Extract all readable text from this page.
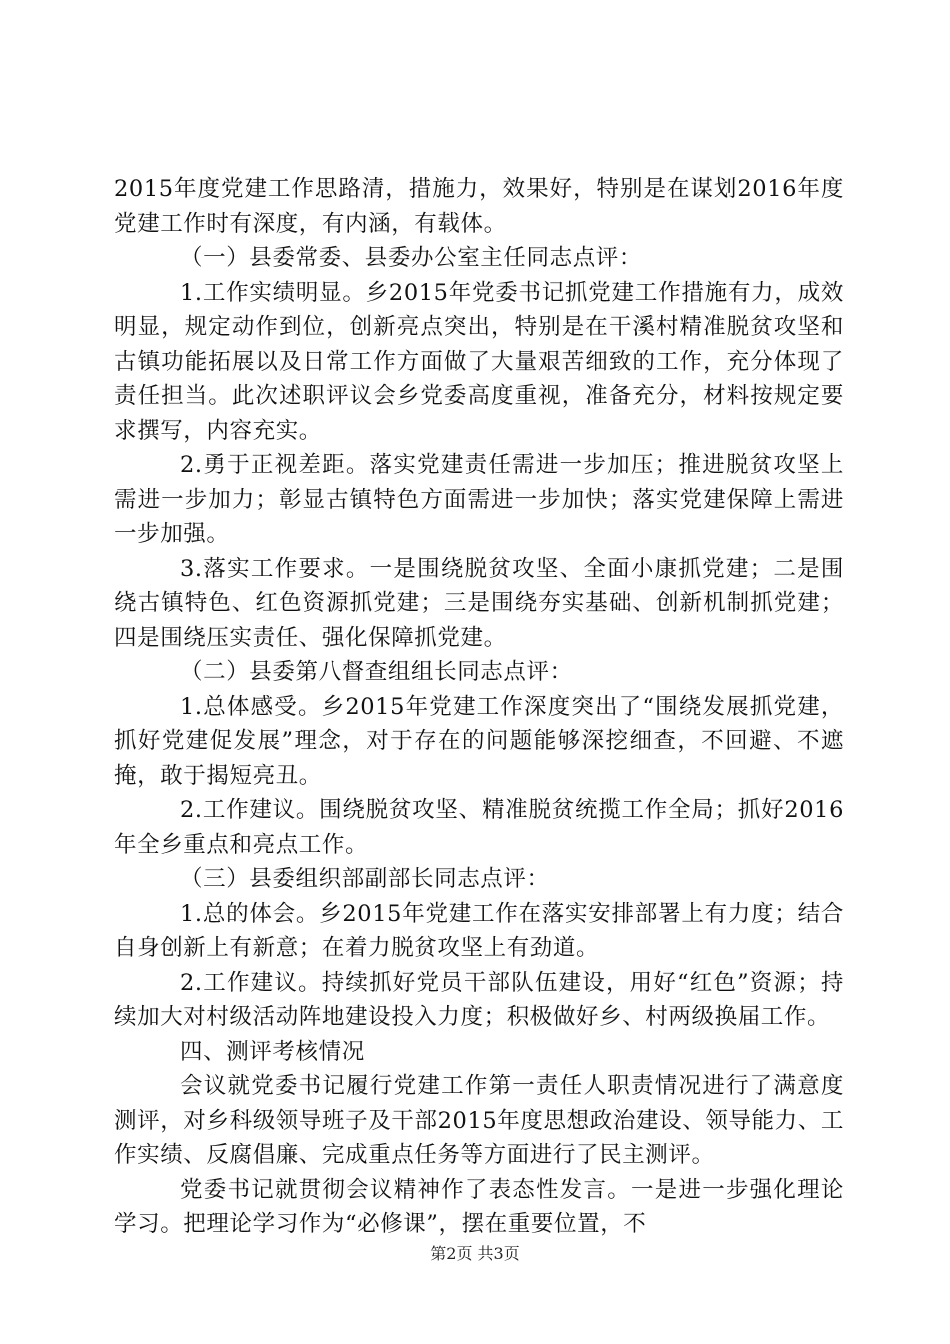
2015年度党建工作思路清，措施力，效果好，特别是在谋划2016年度党建工作时有深度，有内涵，有载体。

（一）县委常委、县委办公室主任同志点评：

1.工作实绩明显。乡2015年党委书记抓党建工作措施有力，成效明显，规定动作到位，创新亮点突出，特别是在干溪村精准脱贫攻坚和古镇功能拓展以及日常工作方面做了大量艰苦细致的工作，充分体现了责任担当。此次述职评议会乡党委高度重视，准备充分，材料按规定要求撰写，内容充实。

2.勇于正视差距。落实党建责任需进一步加压；推进脱贫攻坚上需进一步加力；彰显古镇特色方面需进一步加快；落实党建保障上需进一步加强。

3.落实工作要求。一是围绕脱贫攻坚、全面小康抓党建；二是围绕古镇特色、红色资源抓党建；三是围绕夯实基础、创新机制抓党建；四是围绕压实责任、强化保障抓党建。

（二）县委第八督查组组长同志点评：

1.总体感受。乡2015年党建工作深度突出了“围绕发展抓党建，抓好党建促发展”理念，对于存在的问题能够深挖细查，不回避、不遮掩，敢于揭短亮丑。

2.工作建议。围绕脱贫攻坚、精准脱贫统揽工作全局；抓好2016年全乡重点和亮点工作。

（三）县委组织部副部长同志点评：

1.总的体会。乡2015年党建工作在落实安排部署上有力度；结合自身创新上有新意；在着力脱贫攻坚上有劲道。

2.工作建议。持续抓好党员干部队伍建设，用好“红色”资源；持续加大对村级活动阵地建设投入力度；积极做好乡、村两级换届工作。

四、测评考核情况

会议就党委书记履行党建工作第一责任人职责情况进行了满意度测评，对乡科级领导班子及干部2015年度思想政治建设、领导能力、工作实绩、反腐倡廉、完成重点任务等方面进行了民主测评。

党委书记就贯彻会议精神作了表态性发言。一是进一步强化理论学习。把理论学习作为“必修课”，摆在重要位置，不

第2页 共3页
